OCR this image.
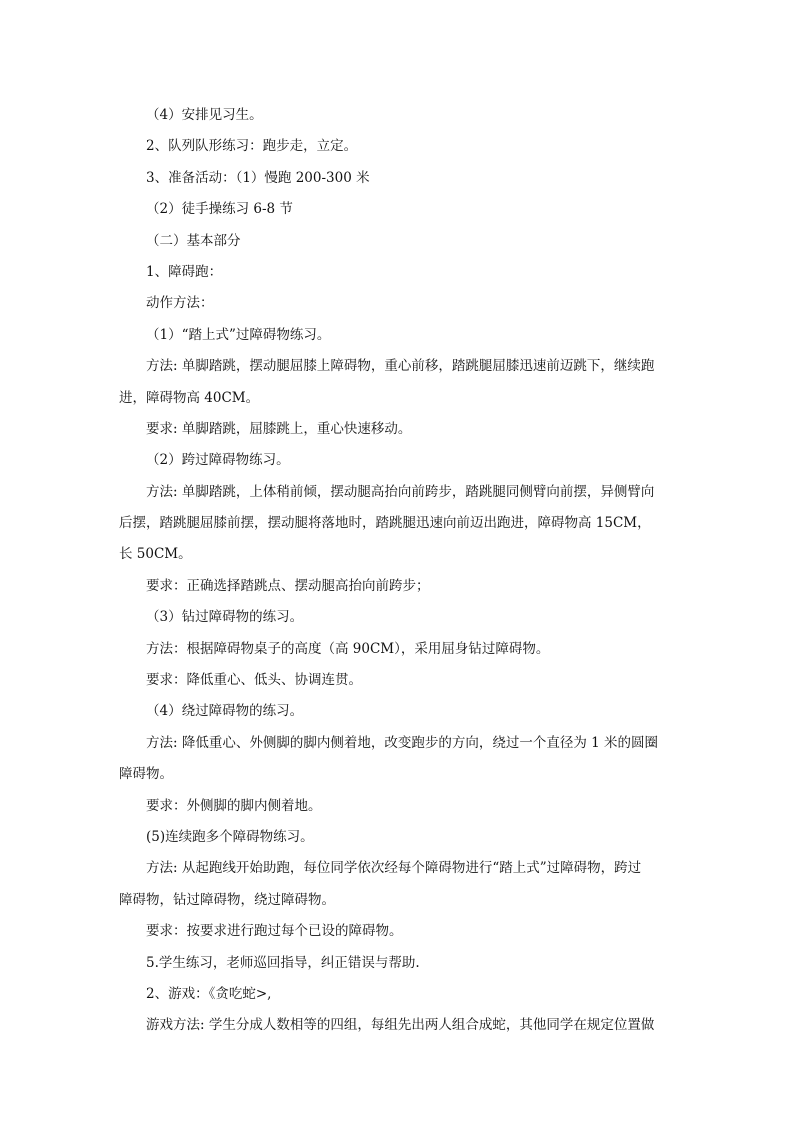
（4）安排见习生。
2、队列队形练习：跑步走，立定。
3、准备活动：（1）慢跑 200-300 米
（2）徒手操练习 6-8 节
（二）基本部分
1、障碍跑：
动作方法：
（1）“踏上式”过障碍物练习。
方法: 单脚踏跳，摆动腿屈膝上障碍物，重心前移，踏跳腿屈膝迅速前迈跳下，继续跑
进，障碍物高 40CM。
要求: 单脚踏跳，屈膝跳上，重心快速移动。
（2）跨过障碍物练习。
方法: 单脚踏跳，上体稍前倾，摆动腿高抬向前跨步，踏跳腿同侧臂向前摆，异侧臂向
后摆，踏跳腿屈膝前摆，摆动腿将落地时，踏跳腿迅速向前迈出跑进，障碍物高 15CM，
长 50CM。
要求：正确选择踏跳点、摆动腿高抬向前跨步；
（3）钻过障碍物的练习。
方法：根据障碍物桌子的高度（高 90CM），采用屈身钻过障碍物。
要求：降低重心、低头、协调连贯。
（4）绕过障碍物的练习。
方法: 降低重心、外侧脚的脚内侧着地，改变跑步的方向，绕过一个直径为 1 米的圆圈
障碍物。
要求：外侧脚的脚内侧着地。
(5)连续跑多个障碍物练习。
方法: 从起跑线开始助跑，每位同学依次经每个障碍物进行“踏上式”过障碍物，跨过
障碍物，钻过障碍物，绕过障碍物。
要求：按要求进行跑过每个已设的障碍物。
5.学生练习，老师巡回指导，纠正错误与帮助.
2、游戏：《贪吃蛇>,
游戏方法: 学生分成人数相等的四组，每组先出两人组合成蛇，其他同学在规定位置做
